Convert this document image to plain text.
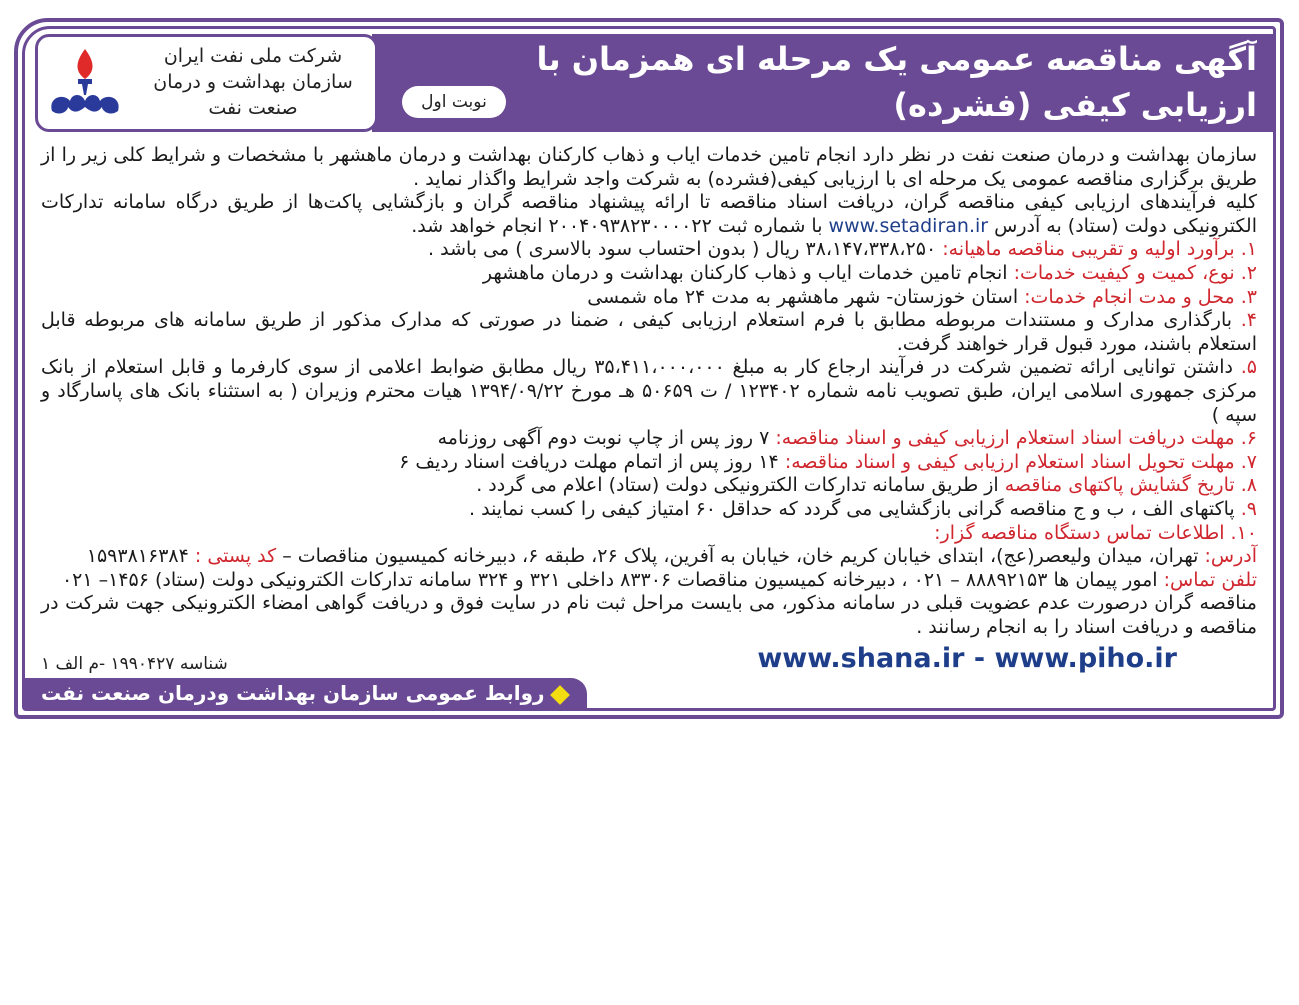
شرکت ملی نفت ایران
سازمان بهداشت و درمان
صنعت نفت	نوبت اول
آگهی مناقصه عمومی یک مرحله ای همزمان با
ارزیابی کیفی (فشرده)

سازمان بهداشت و درمان صنعت نفت در نظر دارد انجام تامین خدمات ایاب و ذهاب کارکنان بهداشت و درمان ماهشهر با مشخصات و شرایط کلی زیر را از طریق برگزاری مناقصه عمومی یک مرحله ای با ارزیابی کیفی(فشرده) به شرکت واجد شرایط واگذار نماید .

کلیه فرآیندهای ارزیابی کیفی مناقصه گران، دریافت اسناد مناقصه تا ارائه پیشنهاد مناقصه گران و بازگشایی پاکت‌ها از طریق درگاه سامانه تدارکات الکترونیکی دولت (ستاد) به آدرس www.setadiran.ir با شماره ثبت ۲۰۰۴۰۹۳۸۲۳۰۰۰۰۲۲ انجام خواهد شد.

۱. برآورد اولیه و تقریبی مناقصه ماهیانه: ۳۸،۱۴۷،۳۳۸،۲۵۰ ریال ( بدون احتساب سود بالاسری ) می باشد .

۲. نوع، کمیت و کیفیت خدمات: انجام تامین خدمات ایاب و ذهاب کارکنان بهداشت و درمان ماهشهر

۳. محل و مدت انجام خدمات: استان خوزستان- شهر ماهشهر به مدت ۲۴ ماه شمسی

۴. بارگذاری مدارک و مستندات مربوطه مطابق با فرم استعلام ارزیابی کیفی ، ضمنا در صورتی که مدارک مذکور از طریق سامانه های مربوطه قابل استعلام باشند، مورد قبول قرار خواهند گرفت.

۵. داشتن توانایی ارائه تضمین شرکت در فرآیند ارجاع کار به مبلغ ۳۵،۴۱۱،۰۰۰،۰۰۰ ریال مطابق ضوابط اعلامی از سوی کارفرما و قابل استعلام از بانک مرکزی جمهوری اسلامی ایران، طبق تصویب نامه شماره ۱۲۳۴۰۲ / ت ۵۰۶۵۹ هـ مورخ ۱۳۹۴/۰۹/۲۲ هیات محترم وزیران ( به استثناء بانک های پاسارگاد و سپه )

۶. مهلت دریافت اسناد استعلام ارزیابی کیفی و اسناد مناقصه: ۷ روز پس از چاپ نوبت دوم آگهی روزنامه

۷. مهلت تحویل اسناد استعلام ارزیابی کیفی و اسناد مناقصه: ۱۴ روز پس از اتمام مهلت دریافت اسناد ردیف ۶

۸. تاریخ گشایش پاکتهای مناقصه از طریق سامانه تدارکات الکترونیکی دولت (ستاد) اعلام می گردد .

۹. پاکتهای الف ، ب و ج مناقصه گرانی بازگشایی می گردد که حداقل ۶۰ امتیاز کیفی را کسب نمایند .

۱۰. اطلاعات تماس دستگاه مناقصه گزار:

آدرس: تهران، میدان ولیعصر(عج)، ابتدای خیابان کریم خان، خیابان به آفرین، پلاک ۲۶، طبقه ۶، دبیرخانه کمیسیون مناقصات – کد پستی : ۱۵۹۳۸۱۶۳۸۴

تلفن تماس: امور پیمان ها ۸۸۸۹۲۱۵۳ – ۰۲۱ ، دبیرخانه کمیسیون مناقصات ۸۳۳۰۶ داخلی ۳۲۱ و ۳۲۴ سامانه تدارکات الکترونیکی دولت (ستاد) ۱۴۵۶– ۰۲۱

مناقصه گران درصورت عدم عضویت قبلی در سامانه مذکور، می بایست مراحل ثبت نام در سایت فوق و دریافت گواهی امضاء الکترونیکی جهت شرکت در مناقصه و دریافت اسناد را به انجام رسانند .

شناسه ۱۹۹۰۴۲۷ -م الف ۱	www.shana.ir - www.piho.ir
روابط عمومی سازمان بهداشت ودرمان صنعت نفت
